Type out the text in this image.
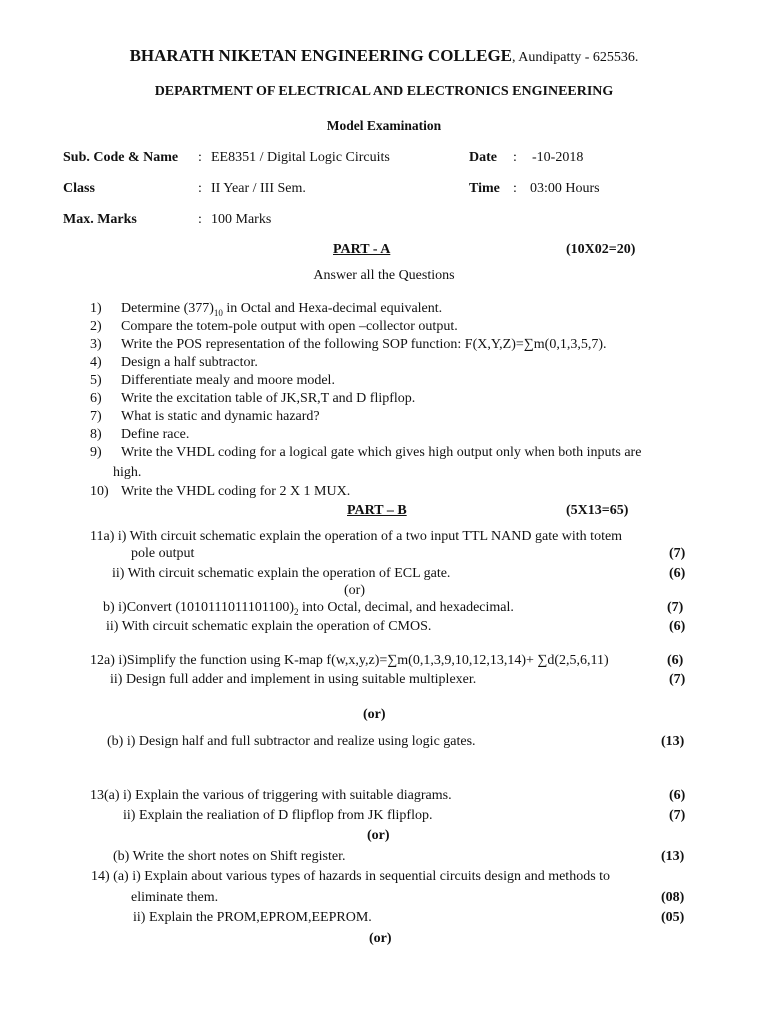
BHARATH NIKETAN ENGINEERING COLLEGE, Aundipatty - 625536.
DEPARTMENT OF ELECTRICAL AND ELECTRONICS ENGINEERING
Model Examination
Sub. Code & Name : EE8351 / Digital Logic Circuits	Date : -10-2018
Class	: II Year / III Sem.	Time : 03:00 Hours
Max. Marks	: 100 Marks
PART - A	(10X02=20)
Answer all the Questions
1) Determine $(377)_{10}$ in Octal and Hexa-decimal equivalent.
2) Compare the totem-pole output with open –collector output.
3) Write the POS representation of the following SOP function: F(X,Y,Z)=∑m(0,1,3,5,7).
4) Design a half subtractor.
5) Differentiate mealy and moore model.
6) Write the excitation table of JK,SR,T and D flipflop.
7) What is static and dynamic hazard?
8) Define race.
9) Write the VHDL coding for a logical gate which gives high output only when both inputs are
high.
10) Write the VHDL coding for 2 X 1 MUX.
PART – B	(5X13=65)
11a) i) With circuit schematic explain the operation of a two input TTL NAND gate with totem
pole output	(7)
ii) With circuit schematic explain the operation of ECL gate.	(6)
(or)
b) i)Convert $(1010111011101100)_2$ into Octal, decimal, and hexadecimal.	(7)
ii) With circuit schematic explain the operation of CMOS.	(6)
12a) i)Simplify the function using K-map f(w,x,y,z)=∑m(0,1,3,9,10,12,13,14)+ ∑d(2,5,6,11)	(6)
ii) Design full adder and implement in using suitable multiplexer.	(7)
(or)
(b) i) Design half and full subtractor and realize using logic gates.	(13)
13(a) i) Explain the various of triggering with suitable diagrams.	(6)
ii) Explain the realiation of D flipflop from JK flipflop.	(7)
(or)
(b) Write the short notes on Shift register.	(13)
14) (a) i) Explain about various types of hazards in sequential circuits design and methods to
eliminate them.	(08)
ii) Explain the PROM,EPROM,EEPROM.	(05)
(or)
